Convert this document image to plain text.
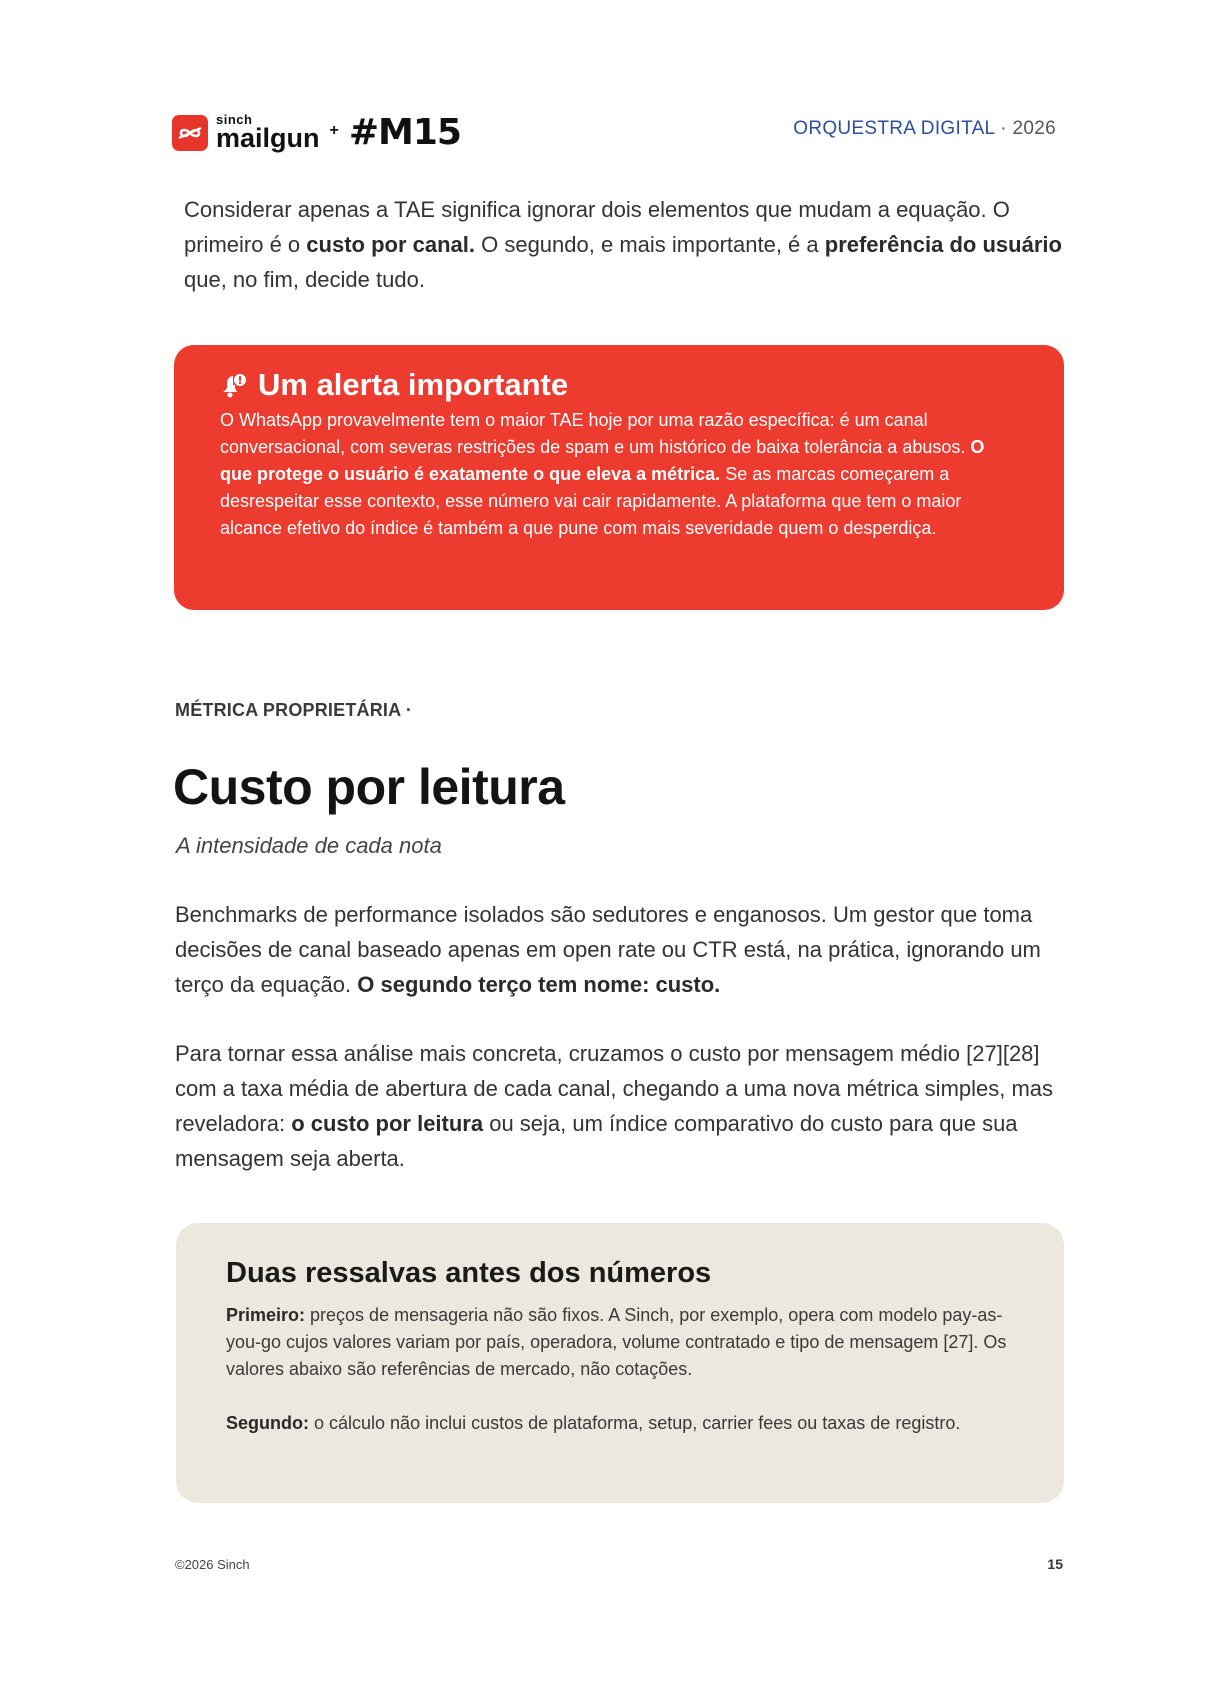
sinch
mailgun + #M15	ORQUESTRA DIGITAL · 2026

Considerar apenas a TAE significa ignorar dois elementos que mudam a equação. O primeiro é o custo por canal. O segundo, e mais importante, é a preferência do usuário que, no fim, decide tudo.

Um alerta importante

O WhatsApp provavelmente tem o maior TAE hoje por uma razão específica: é um canal conversacional, com severas restrições de spam e um histórico de baixa tolerância a abusos. O que protege o usuário é exatamente o que eleva a métrica. Se as marcas começarem a desrespeitar esse contexto, esse número vai cair rapidamente. A plataforma que tem o maior alcance efetivo do índice é também a que pune com mais severidade quem o desperdiça.

MÉTRICA PROPRIETÁRIA ·
Custo por leitura
A intensidade de cada nota

Benchmarks de performance isolados são sedutores e enganosos. Um gestor que toma decisões de canal baseado apenas em open rate ou CTR está, na prática, ignorando um terço da equação. O segundo terço tem nome: custo.

Para tornar essa análise mais concreta, cruzamos o custo por mensagem médio [27][28] com a taxa média de abertura de cada canal, chegando a uma nova métrica simples, mas reveladora: o custo por leitura ou seja, um índice comparativo do custo para que sua mensagem seja aberta.

Duas ressalvas antes dos números

Primeiro: preços de mensageria não são fixos. A Sinch, por exemplo, opera com modelo pay-as-you-go cujos valores variam por país, operadora, volume contratado e tipo de mensagem [27]. Os valores abaixo são referências de mercado, não cotações.

Segundo: o cálculo não inclui custos de plataforma, setup, carrier fees ou taxas de registro.

©2026 Sinch	15
